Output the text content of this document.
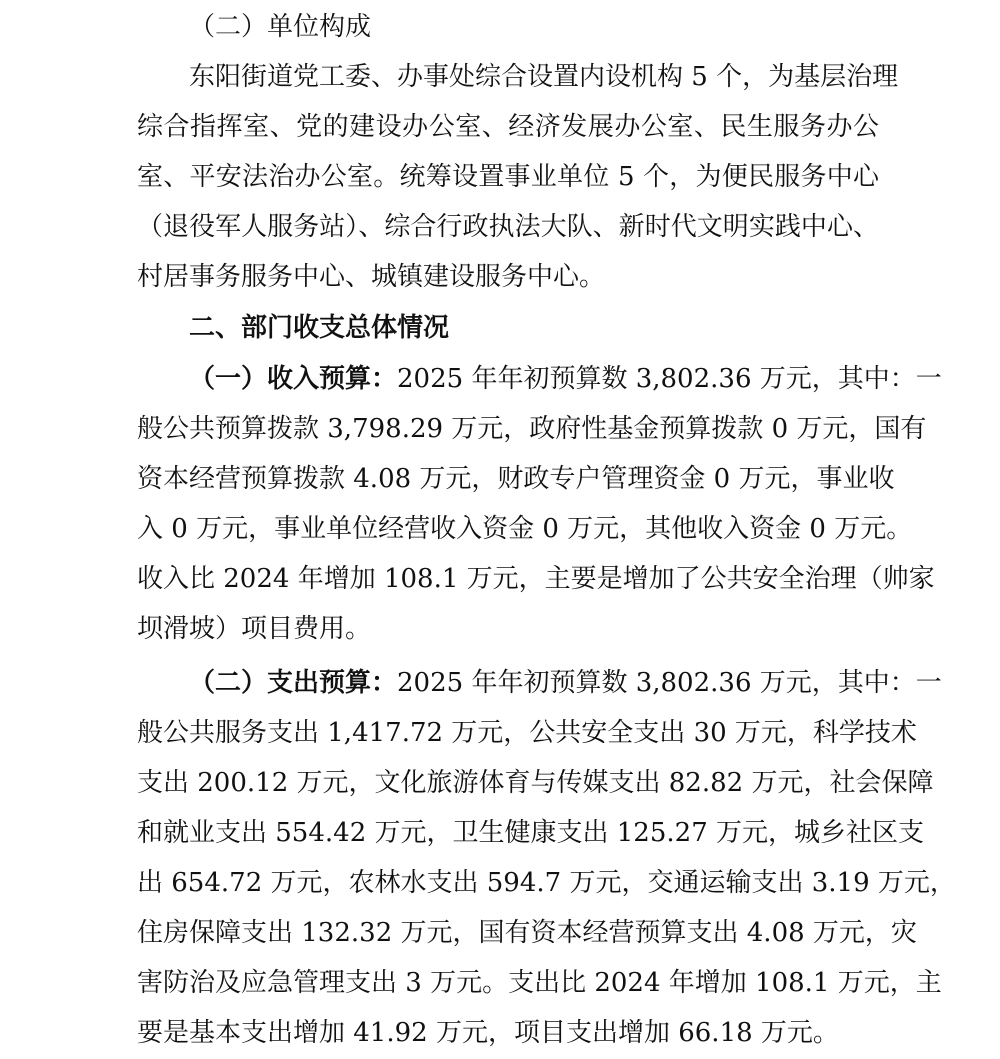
（二）单位构成
东阳街道党工委、办事处综合设置内设机构 5 个，为基层治理
综合指挥室、党的建设办公室、经济发展办公室、民生服务办公
室、平安法治办公室。统筹设置事业单位 5 个，为便民服务中心
（退役军人服务站）、综合行政执法大队、新时代文明实践中心、
村居事务服务中心、城镇建设服务中心。
二、部门收支总体情况
（一）收入预算：2025 年年初预算数 3,802.36 万元，其中：一
般公共预算拨款 3,798.29 万元，政府性基金预算拨款 0 万元，国有
资本经营预算拨款 4.08 万元，财政专户管理资金 0 万元，事业收
入 0 万元，事业单位经营收入资金 0 万元，其他收入资金 0 万元。
收入比 2024 年增加 108.1 万元，主要是增加了公共安全治理（帅家
坝滑坡）项目费用。
（二）支出预算：2025 年年初预算数 3,802.36 万元，其中：一
般公共服务支出 1,417.72 万元，公共安全支出 30 万元，科学技术
支出 200.12 万元，文化旅游体育与传媒支出 82.82 万元，社会保障
和就业支出 554.42 万元，卫生健康支出 125.27 万元，城乡社区支
出 654.72 万元，农林水支出 594.7 万元，交通运输支出 3.19 万元，
住房保障支出 132.32 万元，国有资本经营预算支出 4.08 万元，灾
害防治及应急管理支出 3 万元。支出比 2024 年增加 108.1 万元，主
要是基本支出增加 41.92 万元，项目支出增加 66.18 万元。
